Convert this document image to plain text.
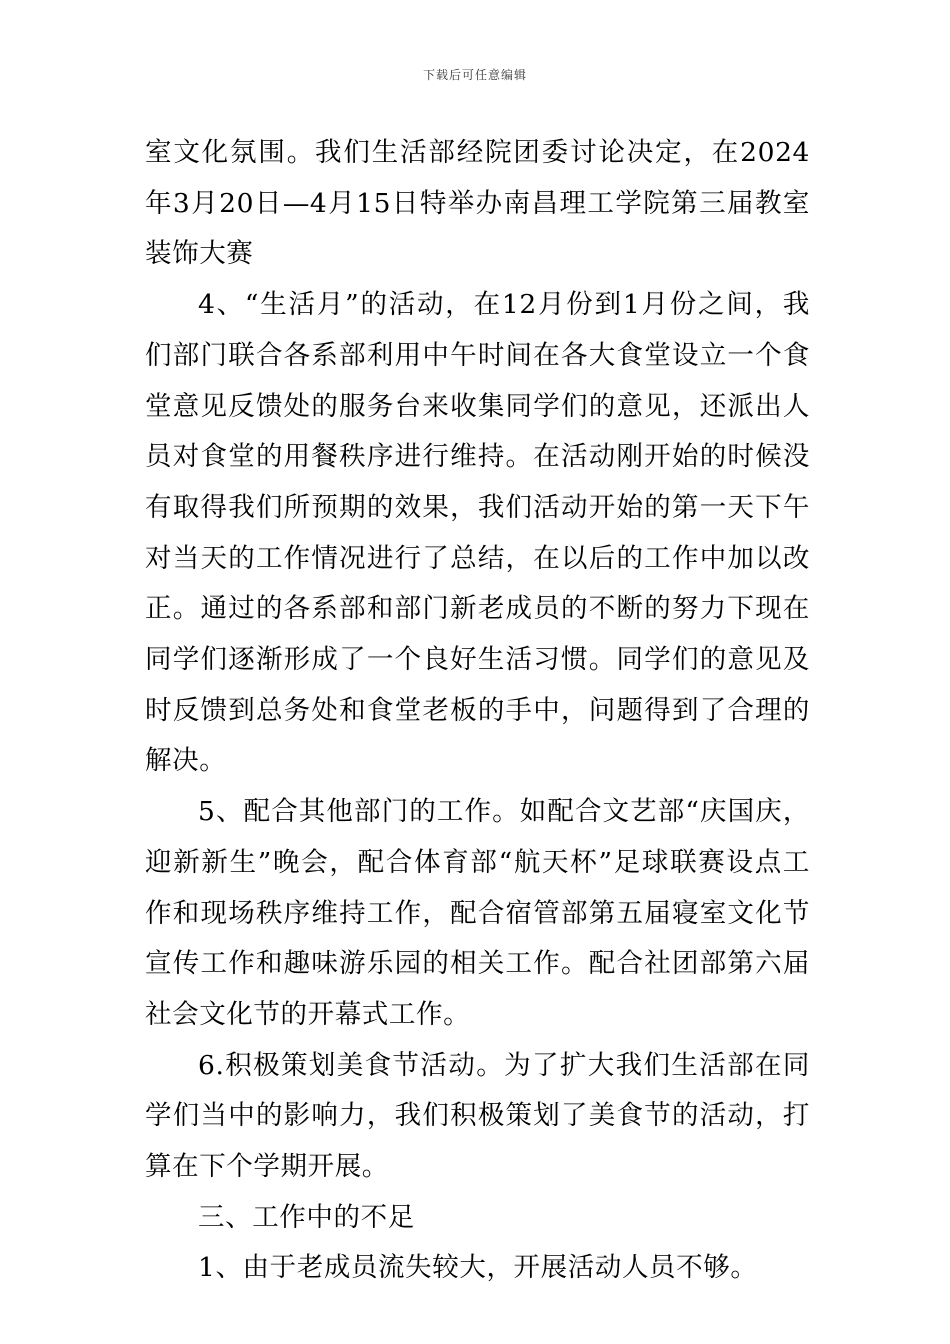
下载后可任意编辑

室文化氛围。我们生活部经院团委讨论决定，在2024年3月20日—4月15日特举办南昌理工学院第三届教室装饰大赛

4、“生活月”的活动，在12月份到1月份之间，我们部门联合各系部利用中午时间在各大食堂设立一个食堂意见反馈处的服务台来收集同学们的意见，还派出人员对食堂的用餐秩序进行维持。在活动刚开始的时候没有取得我们所预期的效果，我们活动开始的第一天下午对当天的工作情况进行了总结，在以后的工作中加以改正。通过的各系部和部门新老成员的不断的努力下现在同学们逐渐形成了一个良好生活习惯。同学们的意见及时反馈到总务处和食堂老板的手中，问题得到了合理的解决。

5、配合其他部门的工作。如配合文艺部“庆国庆，迎新新生”晚会，配合体育部“航天杯”足球联赛设点工作和现场秩序维持工作，配合宿管部第五届寝室文化节宣传工作和趣味游乐园的相关工作。配合社团部第六届社会文化节的开幕式工作。

6.积极策划美食节活动。为了扩大我们生活部在同学们当中的影响力，我们积极策划了美食节的活动，打算在下个学期开展。

三、工作中的不足

1、由于老成员流失较大，开展活动人员不够。
